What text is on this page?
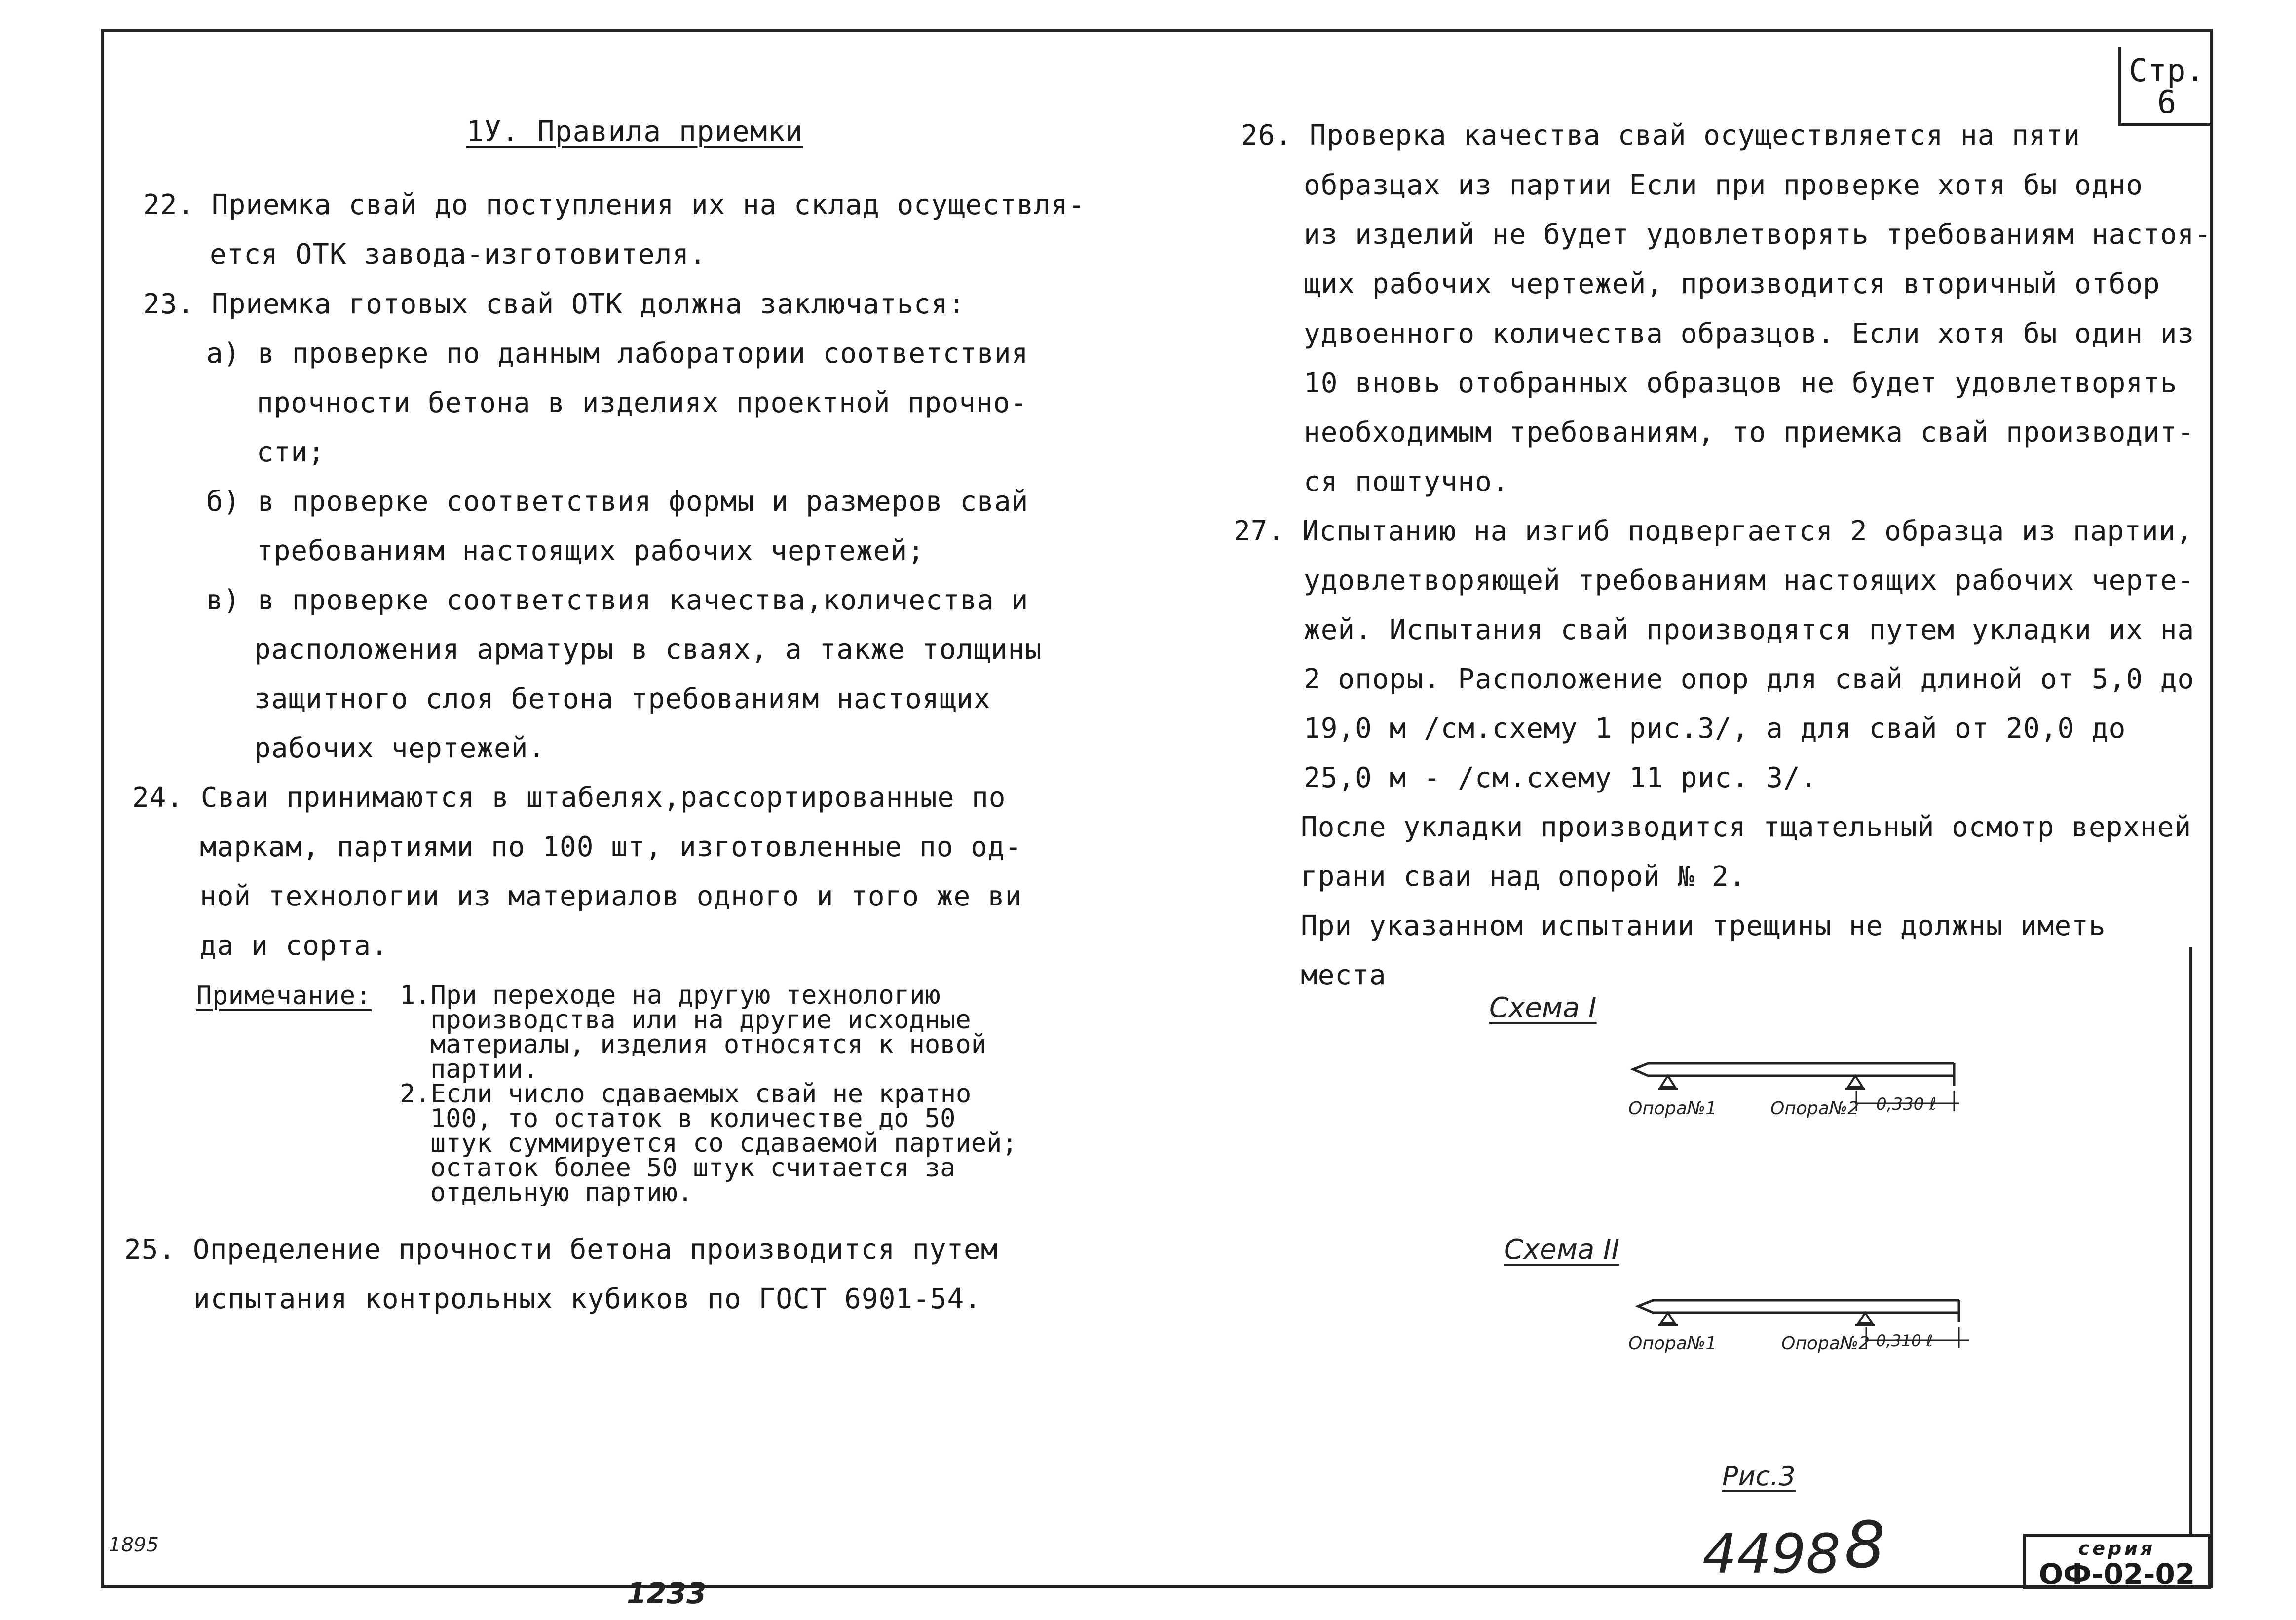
Стр.
6
1У. Правила приемки
22. Приемка свай до поступления их на склад осуществля-
ется ОТК завода-изготовителя.
23. Приемка готовых свай ОТК должна заключаться:
а) в проверке по данным лаборатории соответствия
прочности бетона в изделиях проектной прочно-
сти;
б) в проверке соответствия формы и размеров свай
требованиям настоящих рабочих чертежей;
в) в проверке соответствия качества,количества и
расположения арматуры в сваях, а также толщины
защитного слоя бетона требованиям настоящих
рабочих чертежей.
24. Сваи принимаются в штабелях,рассортированные по
маркам, партиями по 100 шт, изготовленные по од-
ной технологии из материалов одного и того же ви
да и сорта.
Примечание: 1.При переходе на другую технологию
производства или на другие исходные
материалы, изделия относятся к новой
партии.
2.Если число сдаваемых свай не кратно
100, то остаток в количестве до 50
штук суммируется со сдаваемой партией;
остаток более 50 штук считается за
отдельную партию.
25. Определение прочности бетона производится путем
испытания контрольных кубиков по ГОСТ 6901-54.
26. Проверка качества свай осуществляется на пяти
образцах из партии Если при проверке хотя бы одно
из изделий не будет удовлетворять требованиям настоя-
щих рабочих чертежей, производится вторичный отбор
удвоенного количества образцов. Если хотя бы один из
10 вновь отобранных образцов не будет удовлетворять
необходимым требованиям, то приемка свай производит-
ся поштучно.
27. Испытанию на изгиб подвергается 2 образца из партии,
удовлетворяющей требованиям настоящих рабочих чертe-
жей. Испытания свай производятся путем укладки их на
2 опоры. Расположение опор для свай длиной от 5,0 до
19,0 м /см.схему 1 рис.3/, а для свай от 20,0 до
25,0 м - /см.схему 11 рис. 3/.
После укладки производится тщательный осмотр верхней
грани сваи над опорой № 2.
При указанном испытании трещины не должны иметь
места
Схема I
Опора№1	Опора№2 0,330 ℓ
Схема II
Опора№1	Опора№2 0,310 ℓ
Рис.3
4498 8	серия
ОФ-02-02
1895
1233
